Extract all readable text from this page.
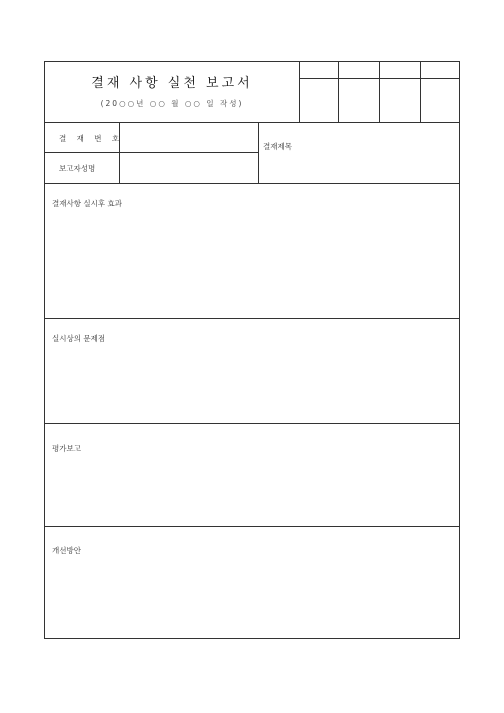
결재 사항 실천 보고서
(20○○년 ○○ 월 ○○ 일 작성)
결 재 번 호
보고자성명
결재제목
결재사항 실시후 효과
실시상의 문제점
평가보고
개선방안
